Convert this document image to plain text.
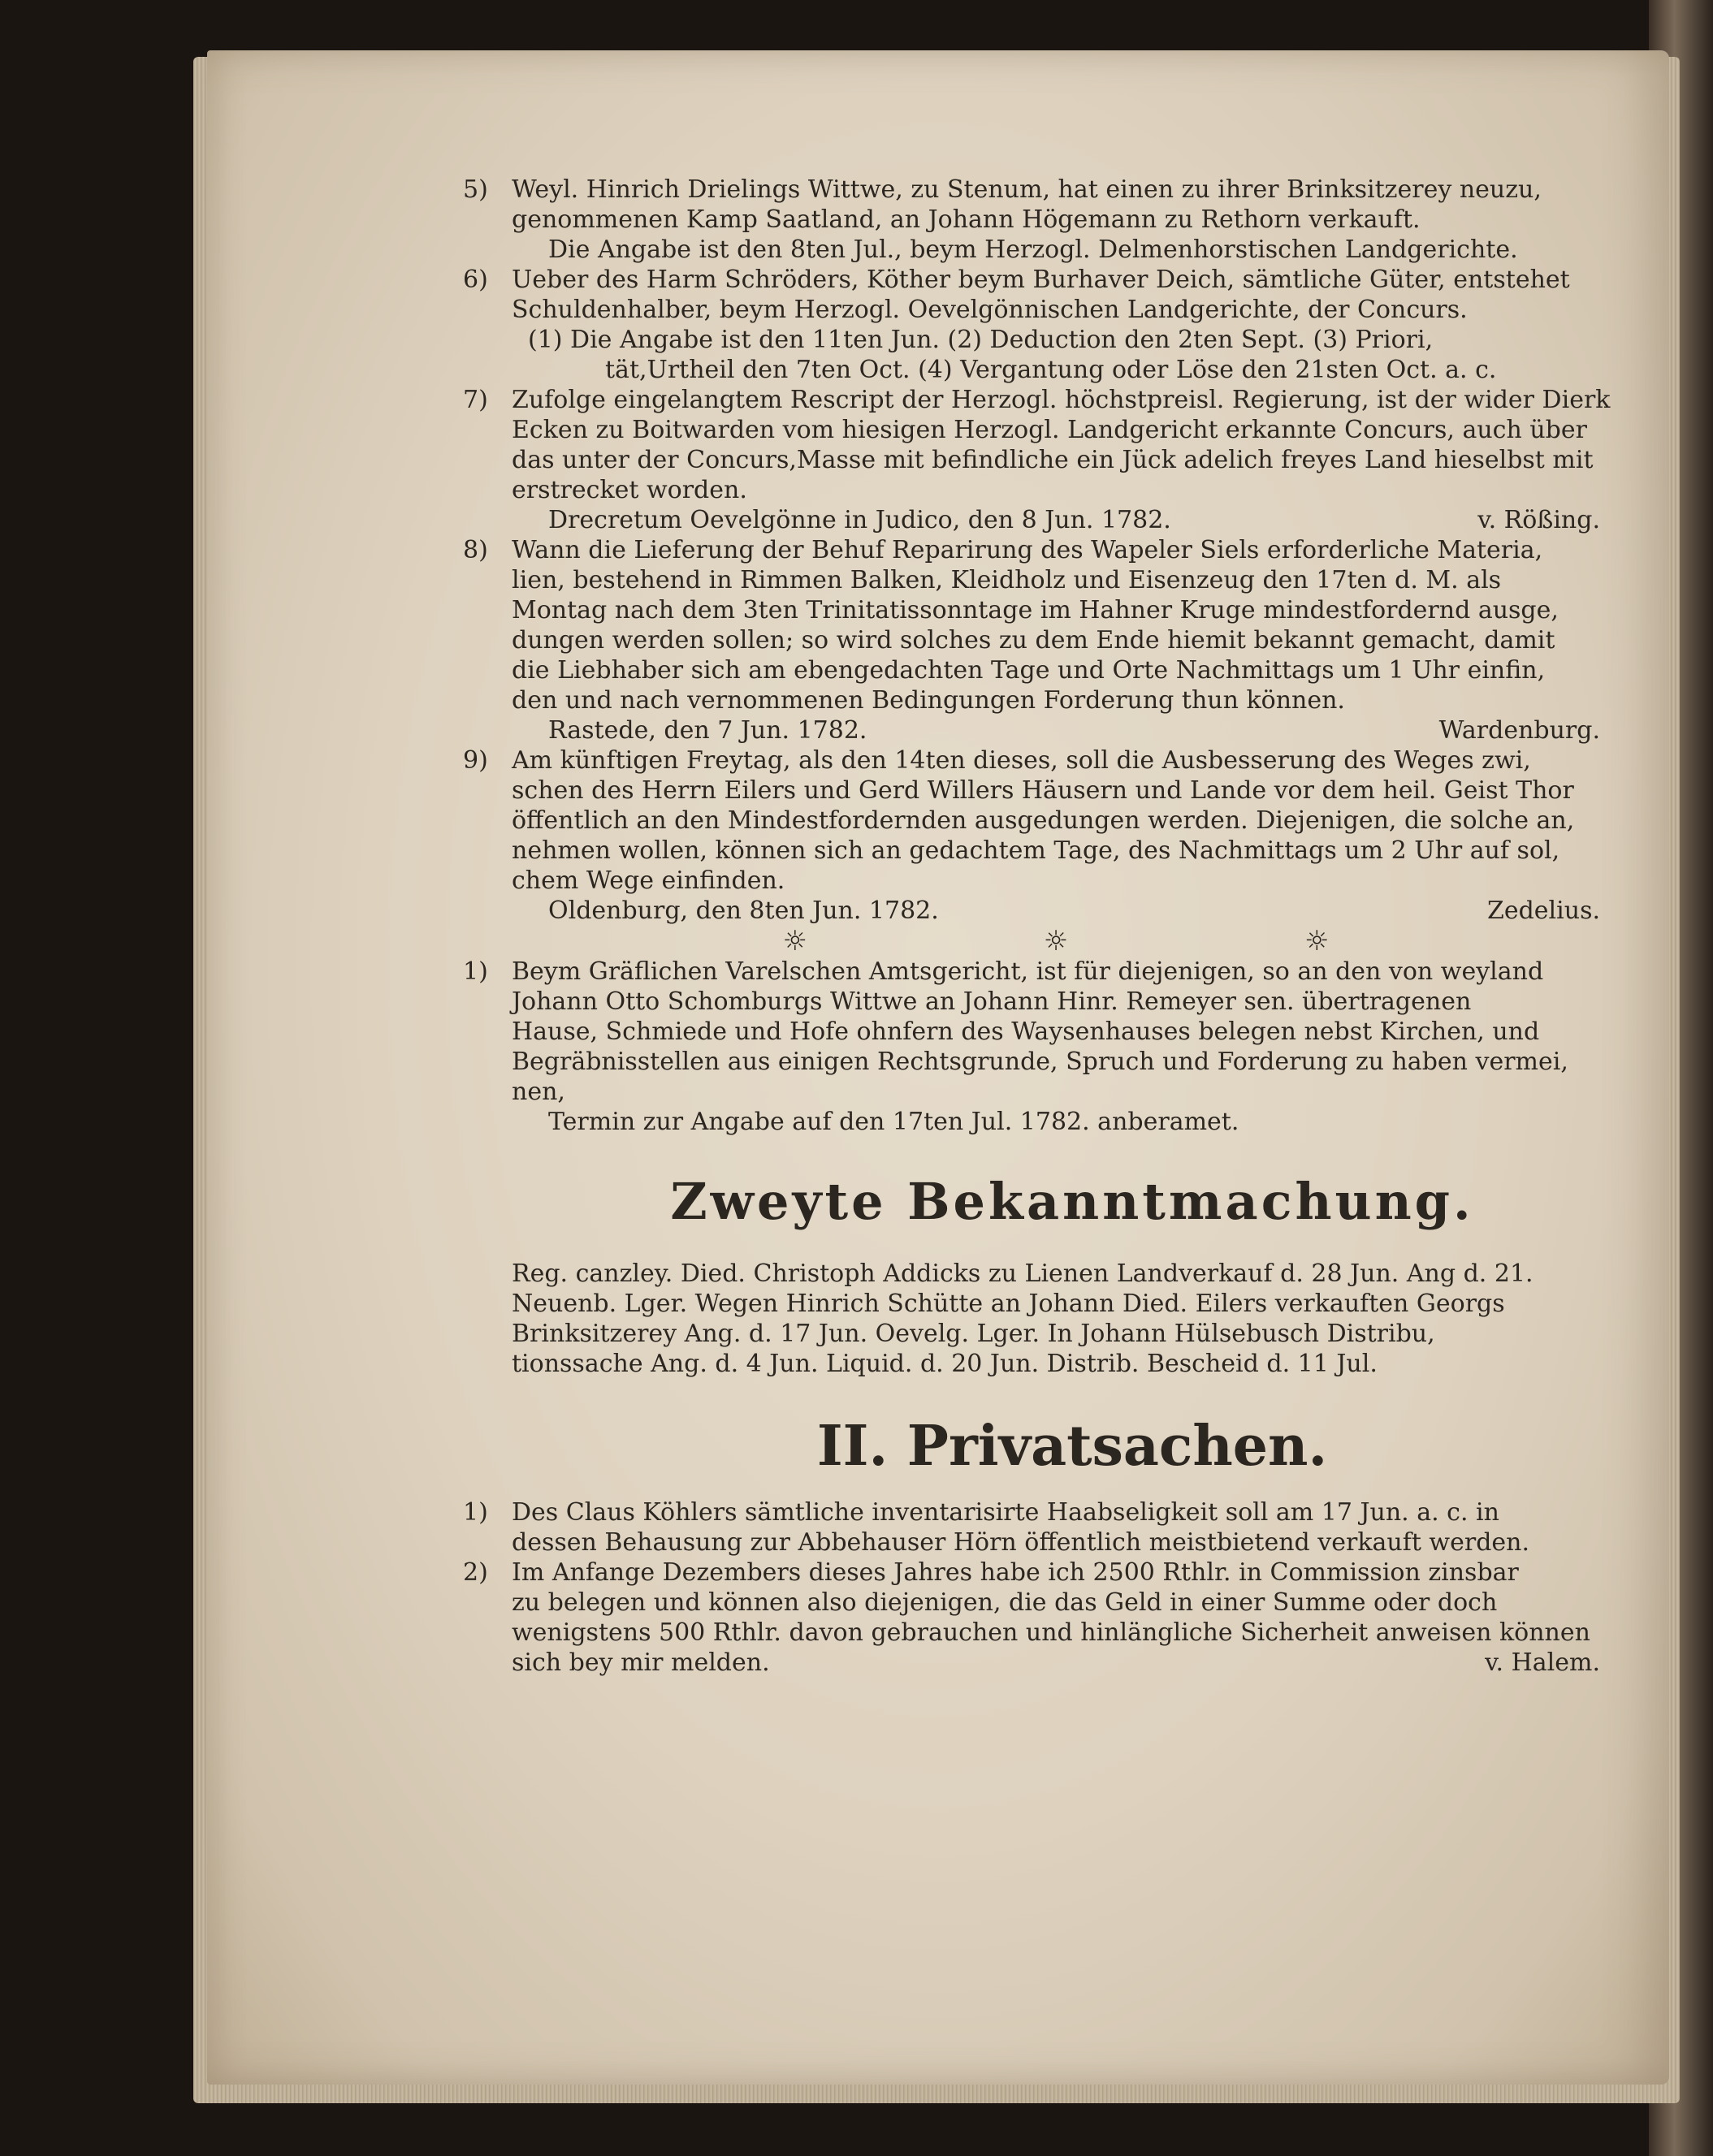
5) Weyl. Hinrich Drielings Wittwe, zu Stenum, hat einen zu ihrer Brinksitzerey neuzu,
genommenen Kamp Saatland, an Johann Högemann zu Rethorn verkauft.
Die Angabe ist den 8ten Jul., beym Herzogl. Delmenhorstischen Landgerichte.
6) Ueber des Harm Schröders, Köther beym Burhaver Deich, sämtliche Güter, entstehet
Schuldenhalber, beym Herzogl. Oevelgönnischen Landgerichte, der Concurs.
(1) Die Angabe ist den 11ten Jun. (2) Deduction den 2ten Sept. (3) Priori,
tät,Urtheil den 7ten Oct. (4) Vergantung oder Löse den 21sten Oct. a. c.
7) Zufolge eingelangtem Rescript der Herzogl. höchstpreisl. Regierung, ist der wider Dierk
Ecken zu Boitwarden vom hiesigen Herzogl. Landgericht erkannte Concurs, auch über
das unter der Concurs,Masse mit befindliche ein Jück adelich freyes Land hieselbst mit
erstrecket worden.
Drecretum Oevelgönne in Judico, den 8 Jun. 1782.	v. Rößing.
8) Wann die Lieferung der Behuf Reparirung des Wapeler Siels erforderliche Materia,
lien, bestehend in Rimmen Balken, Kleidholz und Eisenzeug den 17ten d. M. als
Montag nach dem 3ten Trinitatissonntage im Hahner Kruge mindestfordernd ausge,
dungen werden sollen; so wird solches zu dem Ende hiemit bekannt gemacht, damit
die Liebhaber sich am ebengedachten Tage und Orte Nachmittags um 1 Uhr einfin,
den und nach vernommenen Bedingungen Forderung thun können.
Rastede, den 7 Jun. 1782.	Wardenburg.
9) Am künftigen Freytag, als den 14ten dieses, soll die Ausbesserung des Weges zwi,
schen des Herrn Eilers und Gerd Willers Häusern und Lande vor dem heil. Geist Thor
öffentlich an den Mindestfordernden ausgedungen werden. Diejenigen, die solche an,
nehmen wollen, können sich an gedachtem Tage, des Nachmittags um 2 Uhr auf sol,
chem Wege einfinden.
Oldenburg, den 8ten Jun. 1782.	Zedelius.
☼ ☼ ☼
1) Beym Gräflichen Varelschen Amtsgericht, ist für diejenigen, so an den von weyland
Johann Otto Schomburgs Wittwe an Johann Hinr. Remeyer sen. übertragenen
Hause, Schmiede und Hofe ohnfern des Waysenhauses belegen nebst Kirchen, und
Begräbnisstellen aus einigen Rechtsgrunde, Spruch und Forderung zu haben vermei,
nen,
Termin zur Angabe auf den 17ten Jul. 1782. anberamet.
Zweyte Bekanntmachung.
Reg. canzley. Died. Christoph Addicks zu Lienen Landverkauf d. 28 Jun. Ang d. 21.
Neuenb. Lger. Wegen Hinrich Schütte an Johann Died. Eilers verkauften Georgs
Brinksitzerey Ang. d. 17 Jun. Oevelg. Lger. In Johann Hülsebusch Distribu,
tionssache Ang. d. 4 Jun. Liquid. d. 20 Jun. Distrib. Bescheid d. 11 Jul.
II. Privatsachen.
1) Des Claus Köhlers sämtliche inventarisirte Haabseligkeit soll am 17 Jun. a. c. in
dessen Behausung zur Abbehauser Hörn öffentlich meistbietend verkauft werden.
2) Im Anfange Dezembers dieses Jahres habe ich 2500 Rthlr. in Commission zinsbar
zu belegen und können also diejenigen, die das Geld in einer Summe oder doch
wenigstens 500 Rthlr. davon gebrauchen und hinlängliche Sicherheit anweisen können
sich bey mir melden.	v. Halem.
